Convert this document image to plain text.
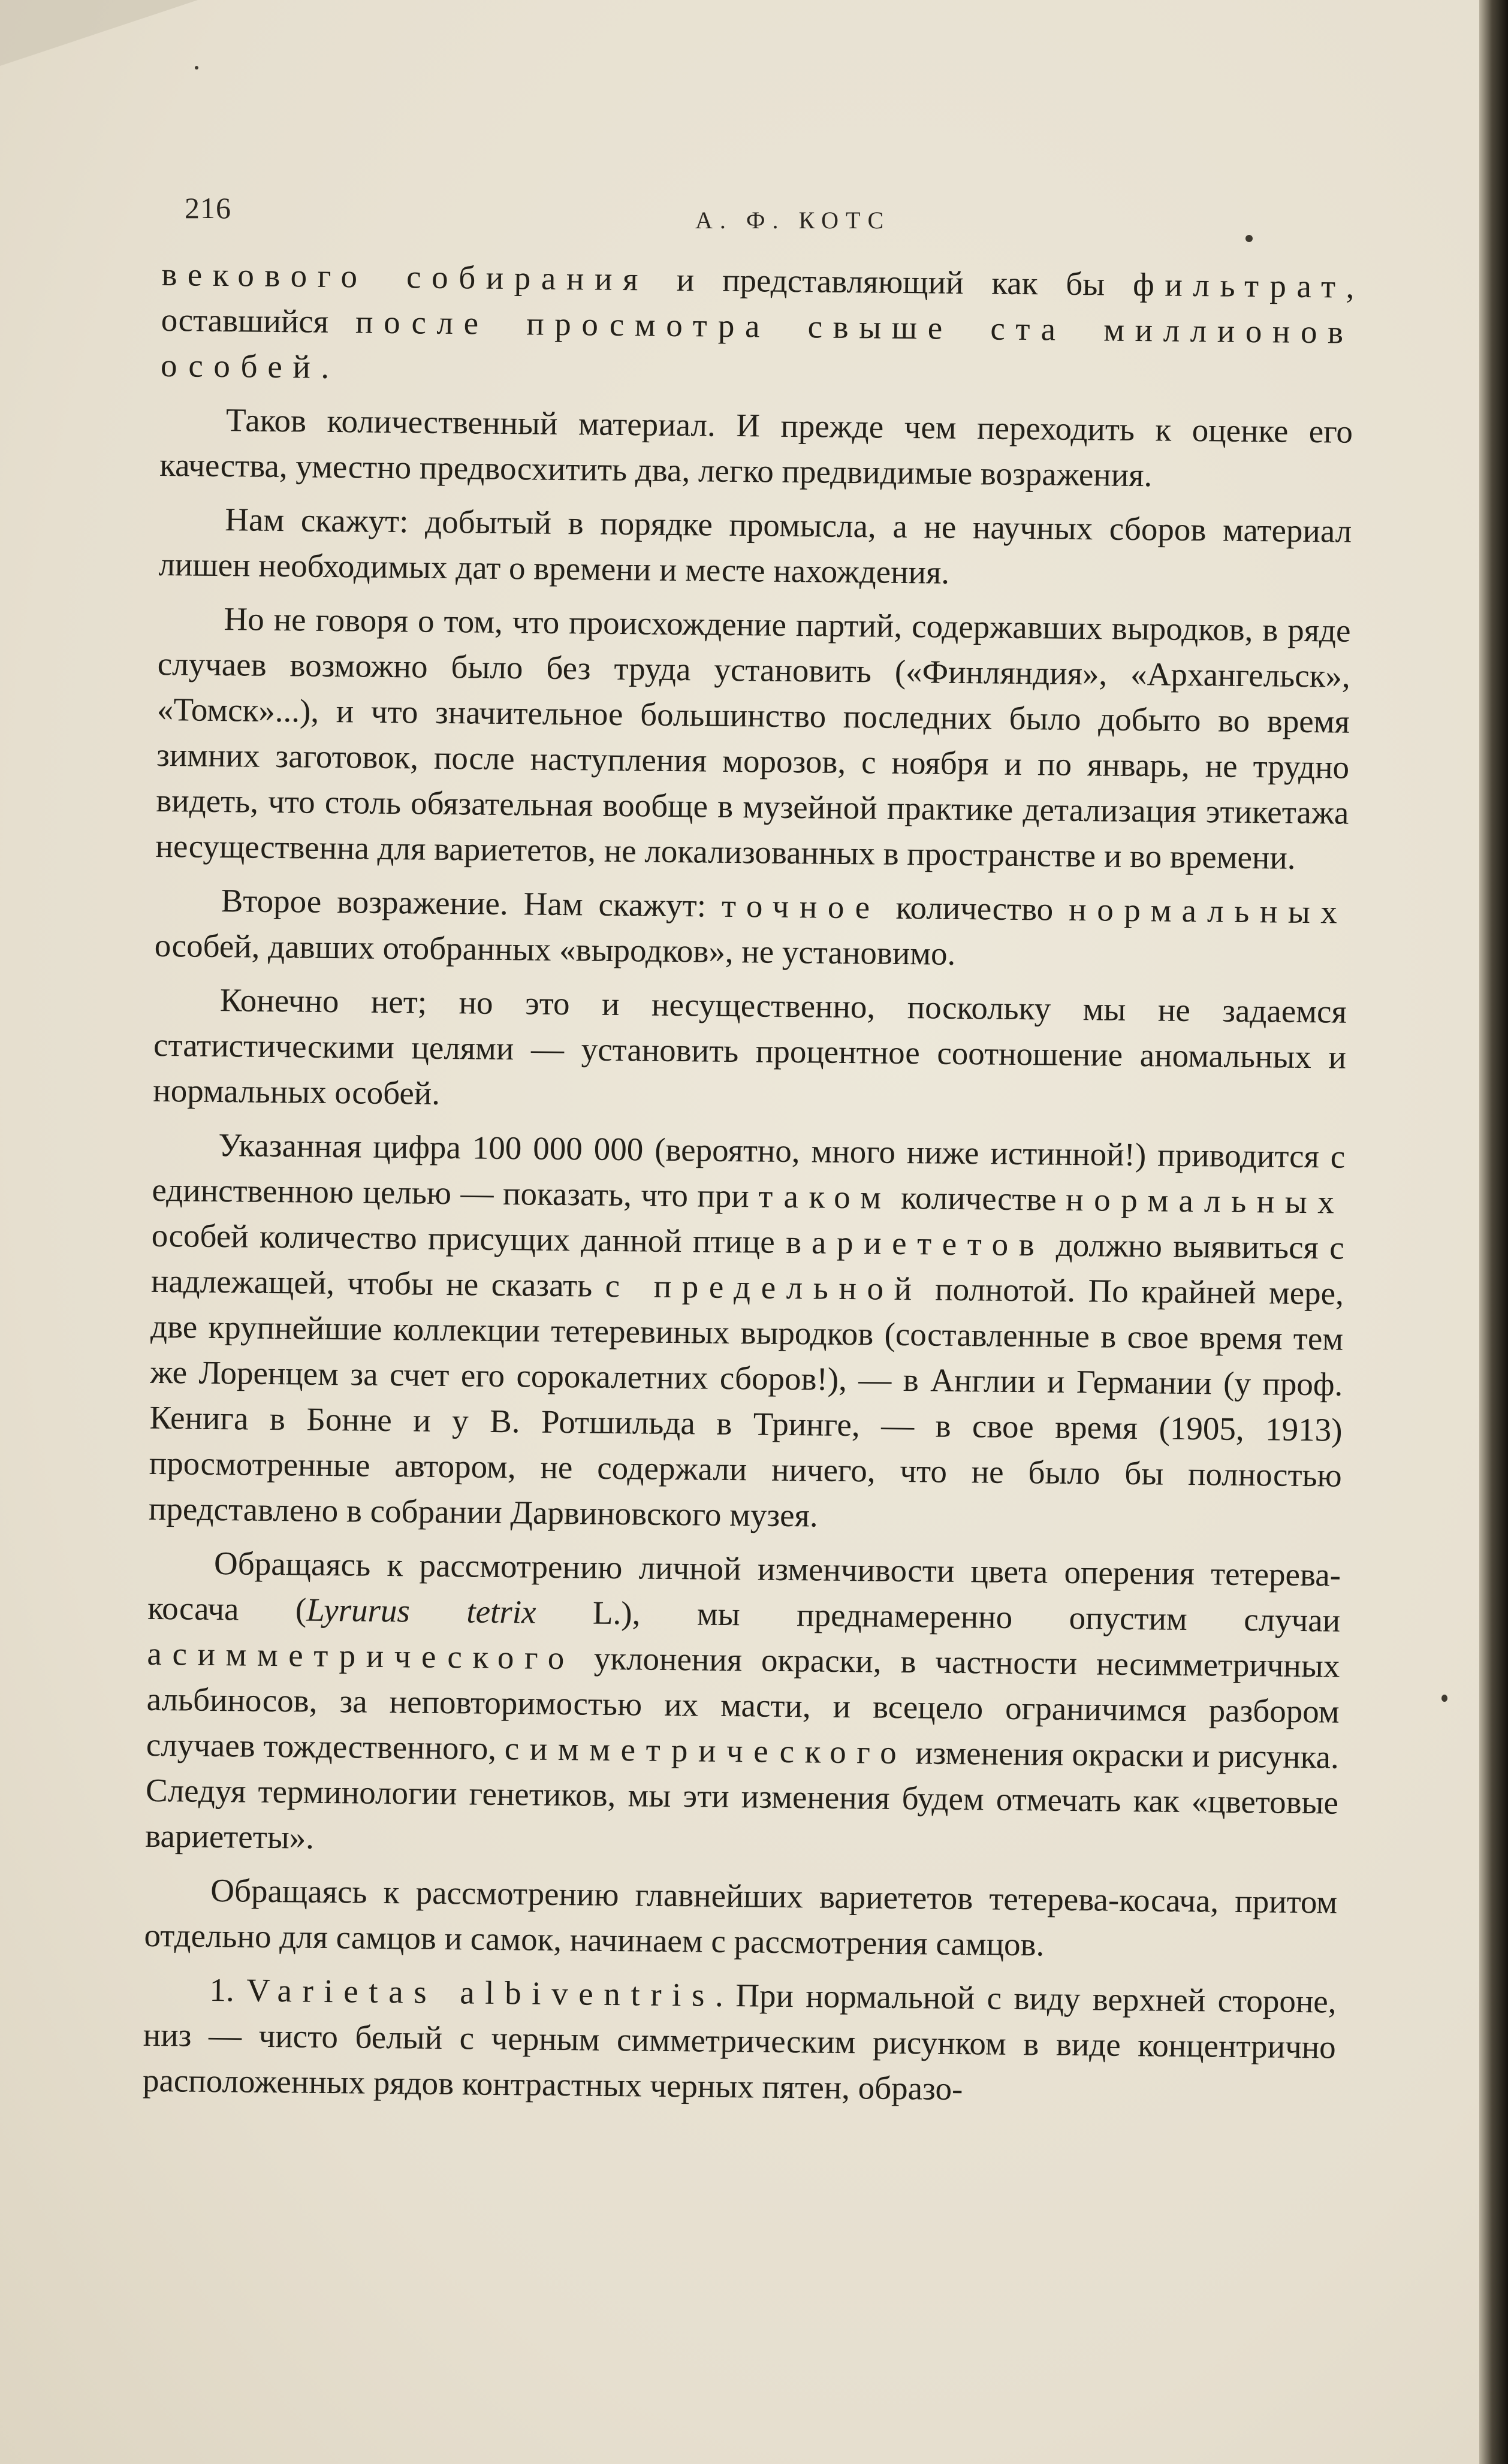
216	А. Ф. КОТС

векового собирания и представляющий как бы фильтрат, оставшийся после просмотра свыше ста миллионов особей.

Таков количественный материал. И прежде чем переходить к оценке его качества, уместно предвосхитить два, легко предвидимые возражения.

Нам скажут: добытый в порядке промысла, а не научных сборов материал лишен необходимых дат о времени и месте нахождения.

Но не говоря о том, что происхождение партий, содержавших выродков, в ряде случаев возможно было без труда установить («Финляндия», «Архангельск», «Томск»...), и что значительное большинство последних было добыто во время зимних заготовок, после наступления морозов, с ноября и по январь, не трудно видеть, что столь обязательная вообще в музейной практике детализация этикетажа несущественна для вариететов, не локализованных в пространстве и во времени.

Второе возражение. Нам скажут: точное количество нормальных особей, давших отобранных «выродков», не установимо.

Конечно нет; но это и несущественно, поскольку мы не задаемся статистическими целями — установить процентное соотношение аномальных и нормальных особей.

Указанная цифра 100 000 000 (вероятно, много ниже истинной!) приводится с единственною целью — показать, что при таком количестве нормальных особей количество присущих данной птице вариететов должно выявиться с надлежащей, чтобы не сказать с предельной полнотой. По крайней мере, две крупнейшие коллекции тетеревиных выродков (составленные в свое время тем же Лоренцем за счет его сорокалетних сборов!), — в Англии и Германии (у проф. Кенига в Бонне и у В. Ротшильда в Тринге, — в свое время (1905, 1913) просмотренные автором, не содержали ничего, что не было бы полностью представлено в собрании Дарвиновского музея.

Обращаясь к рассмотрению личной изменчивости цвета оперения тетерева-косача (Lyrurus tetrix L.), мы преднамеренно опустим случаи асимметрического уклонения окраски, в частности несимметричных альбиносов, за неповторимостью их масти, и всецело ограничимся разбором случаев тождественного, симметрического изменения окраски и рисунка. Следуя терминологии генетиков, мы эти изменения будем отмечать как «цветовые вариететы».

Обращаясь к рассмотрению главнейших вариететов тетерева-косача, притом отдельно для самцов и самок, начинаем с рассмотрения самцов.

1. Varietas albiventris. При нормальной с виду верхней стороне, низ — чисто белый с черным симметрическим рисунком в виде концентрично расположенных рядов контрастных черных пятен, образо-
